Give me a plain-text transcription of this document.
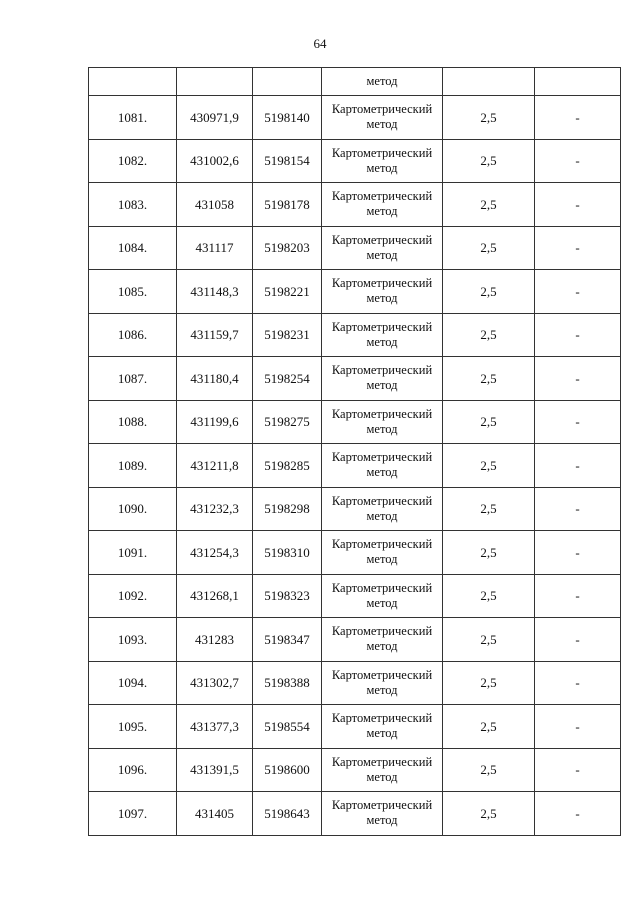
64

			метод		

1081.	430971,9	5198140	Картометрический
метод	2,5	-
1082.	431002,6	5198154	Картометрический
метод	2,5	-
1083.	431058	5198178	Картометрический
метод	2,5	-
1084.	431117	5198203	Картометрический
метод	2,5	-
1085.	431148,3	5198221	Картометрический
метод	2,5	-
1086.	431159,7	5198231	Картометрический
метод	2,5	-
1087.	431180,4	5198254	Картометрический
метод	2,5	-
1088.	431199,6	5198275	Картометрический
метод	2,5	-
1089.	431211,8	5198285	Картометрический
метод	2,5	-
1090.	431232,3	5198298	Картометрический
метод	2,5	-
1091.	431254,3	5198310	Картометрический
метод	2,5	-
1092.	431268,1	5198323	Картометрический
метод	2,5	-
1093.	431283	5198347	Картометрический
метод	2,5	-
1094.	431302,7	5198388	Картометрический
метод	2,5	-
1095.	431377,3	5198554	Картометрический
метод	2,5	-
1096.	431391,5	5198600	Картометрический
метод	2,5	-
1097.	431405	5198643	Картометрический
метод	2,5	-
